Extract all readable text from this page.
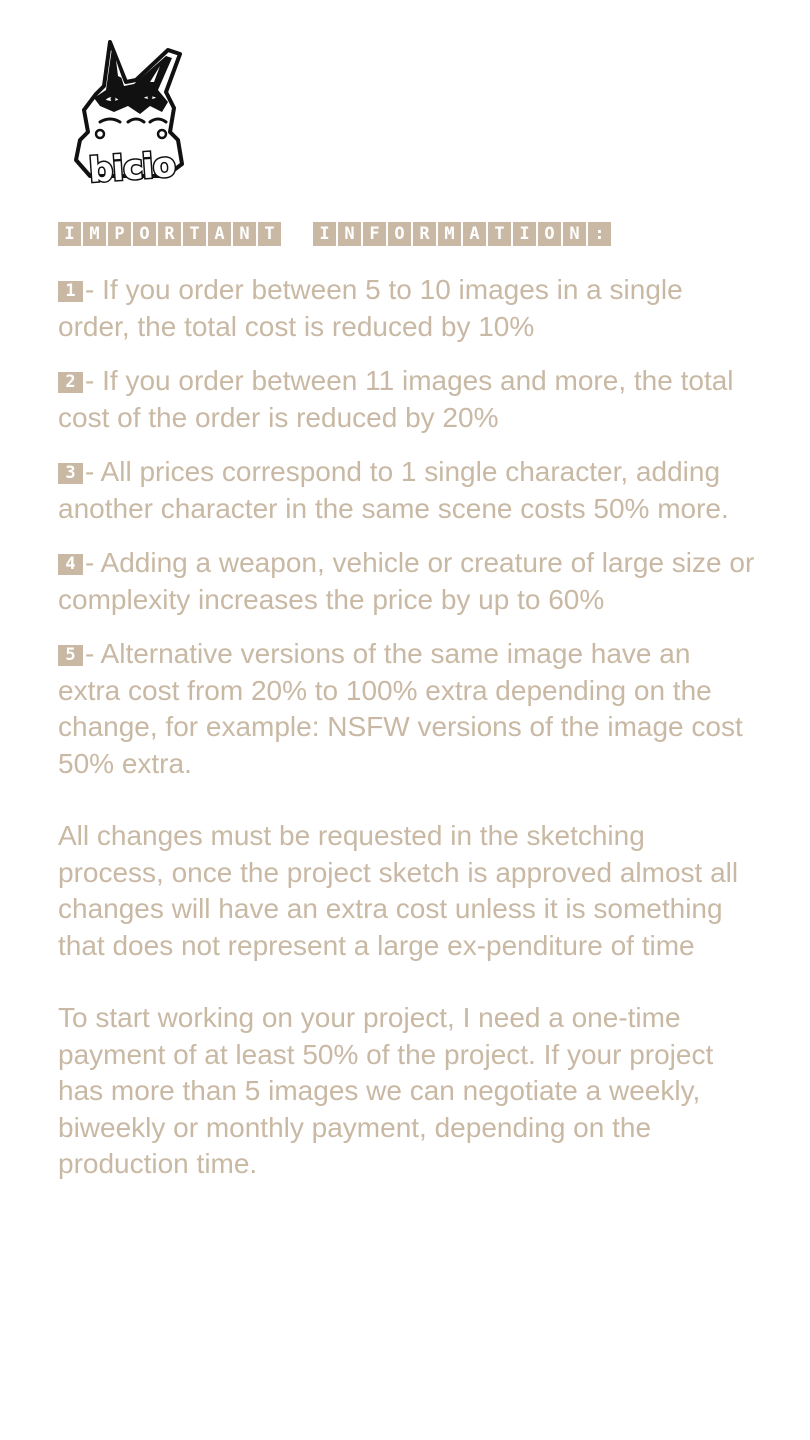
bicio
I M P O R T A N T	I N F O R M A T I O N :

1 - If you order between 5 to 10 images in a single order, the total cost is reduced by 10%

2 - If you order between 11 images and more, the total cost of the order is reduced by 20%

3 - All prices correspond to 1 single character, adding another character in the same scene costs 50% more.

4 - Adding a weapon, vehicle or creature of large size or complexity increases the price by up to 60%

5 - Alternative versions of the same image have an extra cost from 20% to 100% extra depending on the change, for example: NSFW versions of the image cost 50% extra.

All changes must be requested in the sketching process, once the project sketch is approved almost all changes will have an extra cost unless it is something that does not represent a large ex-penditure of time

To start working on your project, I need a one-time payment of at least 50% of the project. If your project has more than 5 images we can negotiate a weekly, biweekly or monthly payment, depending on the production time.
